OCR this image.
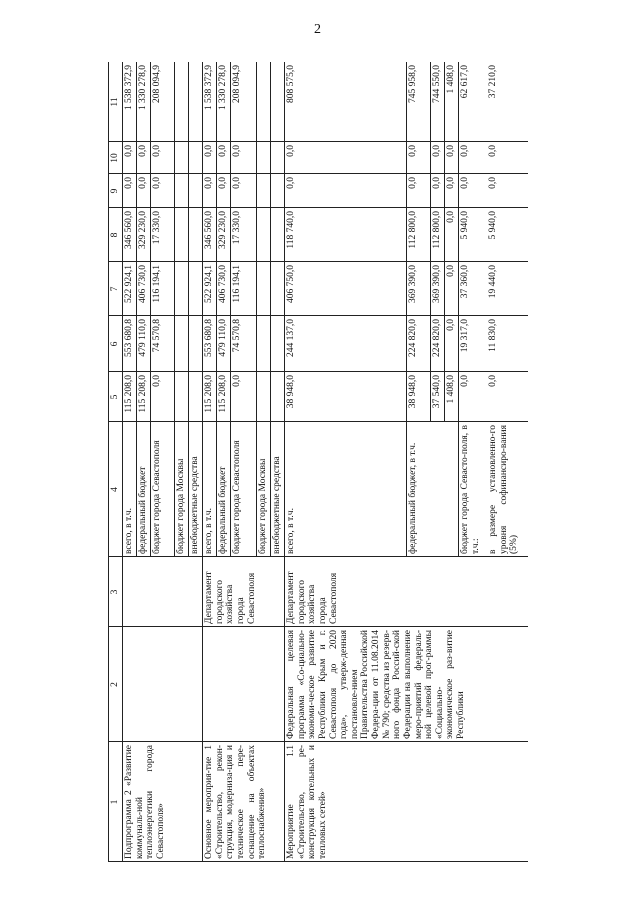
2
1
2
3
4
5
6
7
8
9
10
11
Подпрограмма 2 «Развитие коммуналь-ной теплоэнергетики города Севастополя»	Основное мероприя-тие 1 «Строительство, рекон-струкция, модерниза-ция и техническое пере-оснащение на объектах теплоснабжения»
Департамент городского хозяйства города Севастополя
Мероприятие 1.1 «Строительство, ре-конструкция котельных и тепловых сетей»
Федеральная целевая программа «Со-циально-экономи-ческое развитие Республики Крым и г. Севастополя до 2020 года», утверж-денная постановле-нием Правительства Российской Федера-ции от 11.08.2014 № 790; средства из резерв-ного фонда Россий-ской Федерации на выполнение меро-приятий федераль-ной целевой прог-раммы «Социально-экономическое раз-витие Республики
Департамент городского хозяйства города Севастополя
всего, в т.ч.
115 208,0
553 680,8
522 924,1
346 560,0
0,0
0,0
1 538 372,9
федеральный бюджет
115 208,0
479 110,0
406 730,0
329 230,0
0,0
0,0
1 330 278,0
бюджет города Севастополя
0,0
74 570,8
116 194,1
17 330,0
0,0
0,0
208 094,9
бюджет города Москвы внебюджетные средства всего, в т.ч.
115 208,0
553 680,8
522 924,1
346 560,0
0,0
0,0
1 538 372,9
федеральный бюджет
115 208,0
479 110,0
406 730,0
329 230,0
0,0
0,0
1 330 278,0
бюджет города Севастополя
0,0
74 570,8
116 194,1
17 330,0
0,0
0,0
208 094,9
бюджет города Москвы внебюджетные средства всего, в т.ч.
38 948,0
244 137,0
406 750,0
118 740,0
0,0
0,0
808 575,0
федеральный бюджет, в т.ч.
38 948,0
224 820,0
369 390,0
112 800,0
0,0
0,0
745 958,0
37 540,0
224 820,0
369 390,0
112 800,0
0,0
0,0
744 550,0
1 408,0
0,0
0,0
0,0
0,0
0,0
1 408,0
бюджет города Севасто-поля, в т.ч.:
0,0
19 317,0
37 360,0
5 940,0
0,0
0,0
62 617,0
в размере установленно-го уровня софинансиро-вания (5%)
0,0
11 830,0
19 440,0
5 940,0
0,0
0,0
37 210,0
